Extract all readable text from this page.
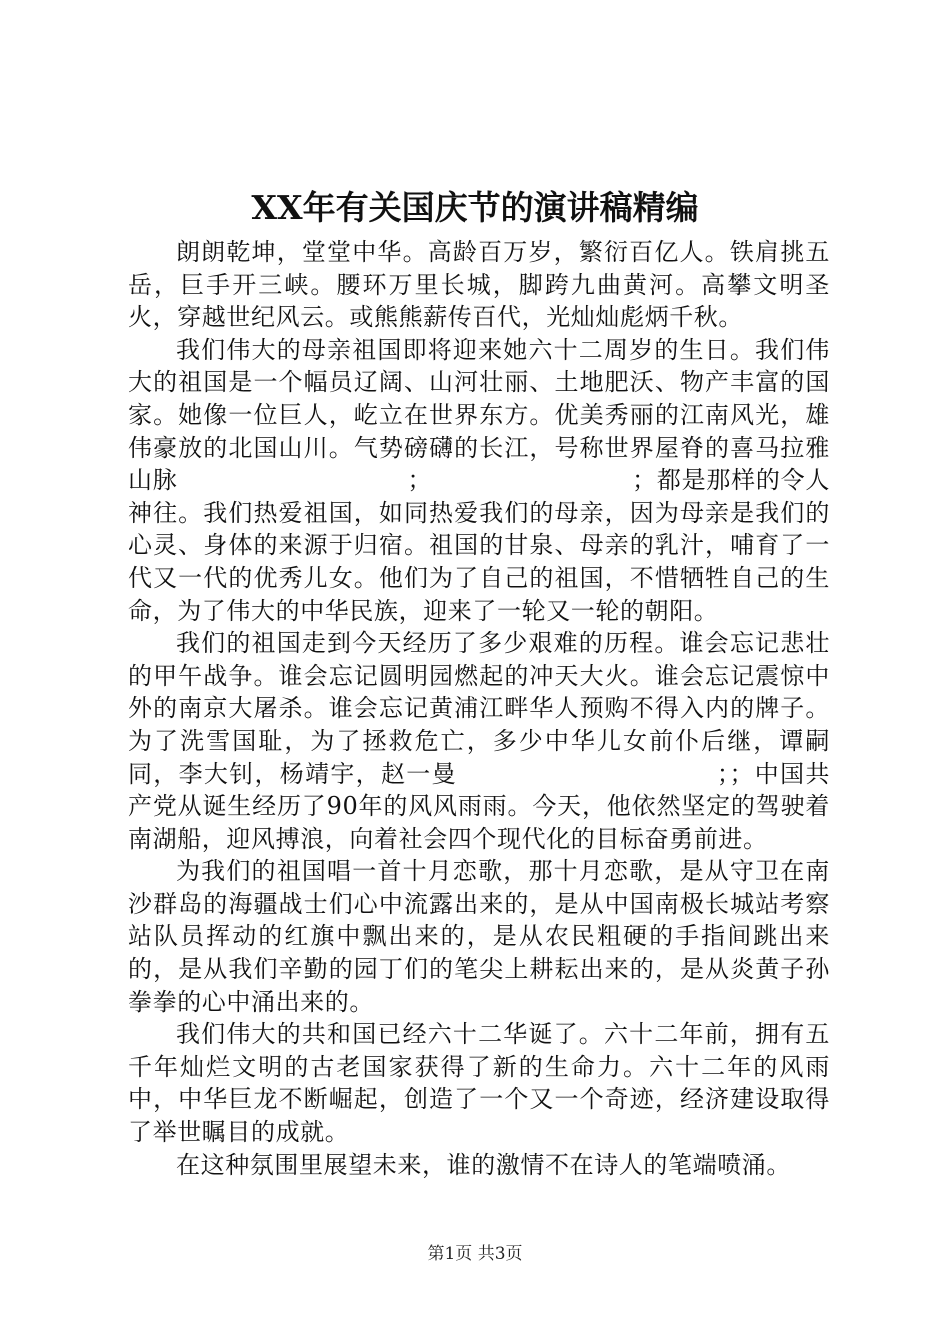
XX年有关国庆节的演讲稿精编

朗朗乾坤，堂堂中华。高龄百万岁，繁衍百亿人。铁肩挑五岳，巨手开三峡。腰环万里长城，脚跨九曲黄河。高攀文明圣火，穿越世纪风云。或熊熊薪传百代，光灿灿彪炳千秋。

我们伟大的母亲祖国即将迎来她六十二周岁的生日。我们伟大的祖国是一个幅员辽阔、山河壮丽、土地肥沃、物产丰富的国家。她像一位巨人，屹立在世界东方。优美秀丽的江南风光，雄伟豪放的北国山川。气势磅礴的长江，号称世界屋脊的喜马拉雅山脉	；	；都是那样的令人神往。我们热爱祖国，如同热爱我们的母亲，因为母亲是我们的心灵、身体的来源于归宿。祖国的甘泉、母亲的乳汁，哺育了一代又一代的优秀儿女。他们为了自己的祖国，不惜牺牲自己的生命，为了伟大的中华民族，迎来了一轮又一轮的朝阳。

我们的祖国走到今天经历了多少艰难的历程。谁会忘记悲壮的甲午战争。谁会忘记圆明园燃起的冲天大火。谁会忘记震惊中外的南京大屠杀。谁会忘记黄浦江畔华人预购不得入内的牌子。为了洗雪国耻，为了拯救危亡，多少中华儿女前仆后继，谭嗣同，李大钊，杨靖宇，赵一曼	；；中国共产党从诞生经历了90年的风风雨雨。今天，他依然坚定的驾驶着南湖船，迎风搏浪，向着社会四个现代化的目标奋勇前进。

为我们的祖国唱一首十月恋歌，那十月恋歌，是从守卫在南沙群岛的海疆战士们心中流露出来的，是从中国南极长城站考察站队员挥动的红旗中飘出来的，是从农民粗硬的手指间跳出来的，是从我们辛勤的园丁们的笔尖上耕耘出来的，是从炎黄子孙拳拳的心中涌出来的。

我们伟大的共和国已经六十二华诞了。六十二年前，拥有五千年灿烂文明的古老国家获得了新的生命力。六十二年的风雨中，中华巨龙不断崛起，创造了一个又一个奇迹，经济建设取得了举世瞩目的成就。

在这种氛围里展望未来，谁的激情不在诗人的笔端喷涌。

第1页 共3页
